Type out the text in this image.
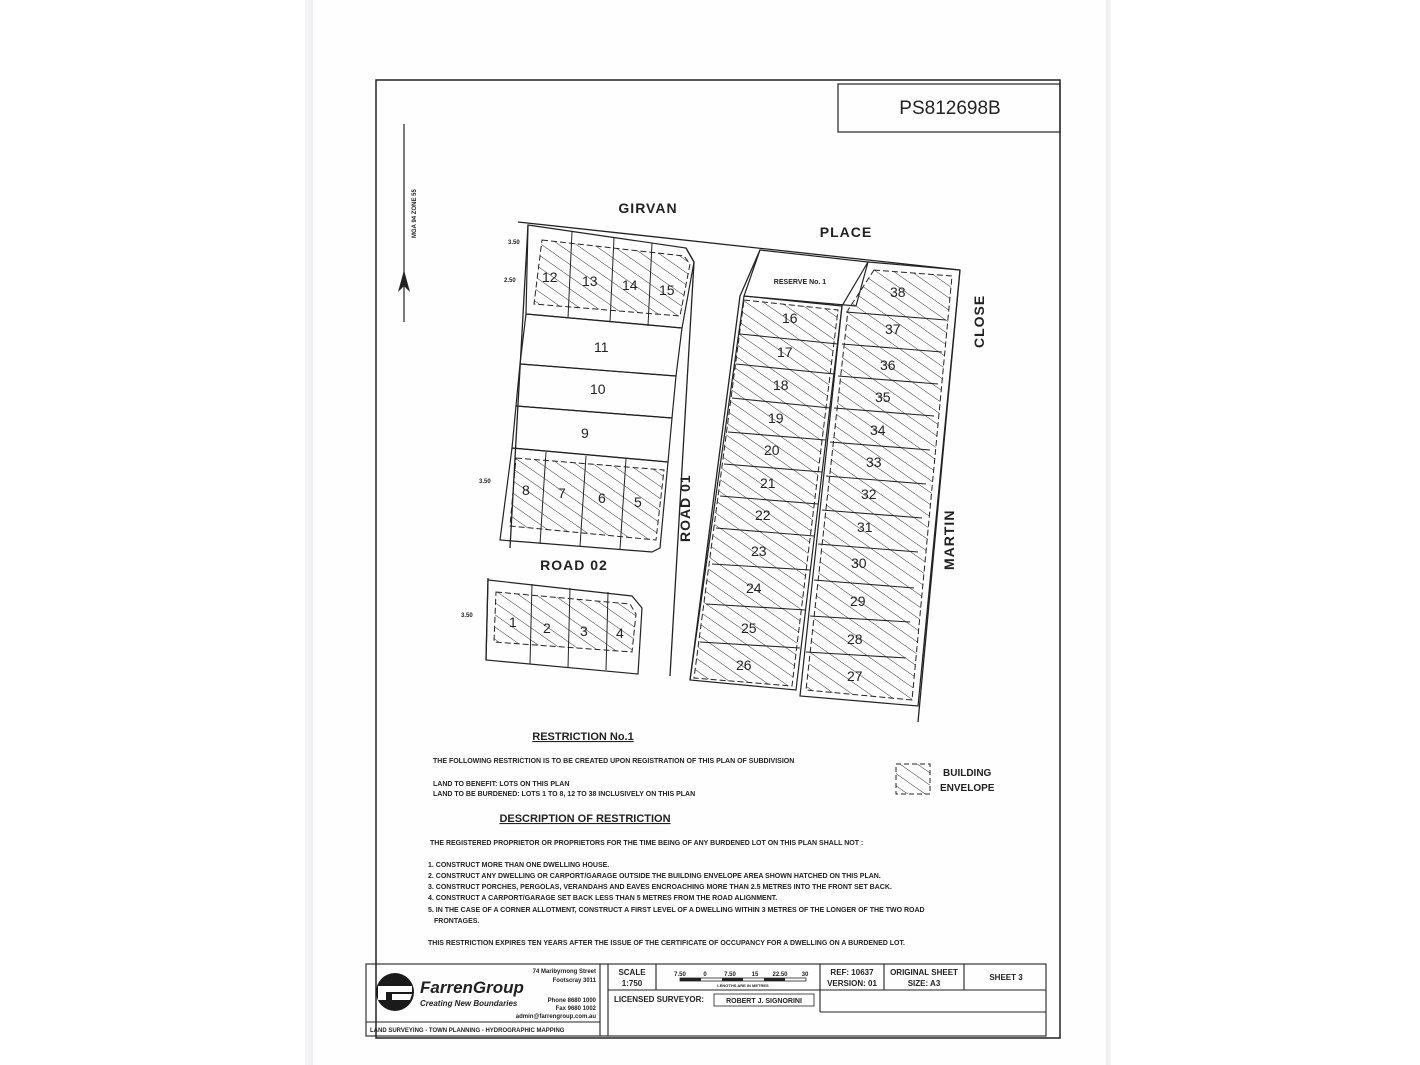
PS812698B
MGA 94 ZONE 55	GIRVAN
PLACE
CLOSE
MARTIN
ROAD 01
ROAD 02
RESERVE No. 1
3.50
2.50
3.50
3.50	1 2 3 4
5
6
7
8
9
10
11
12 13 14 15
16
17
18
19
20
21
22
23
24
25
26
27
28
29
30
31
32
33
34
35
36
37
38
RESTRICTION No.1
THE FOLLOWING RESTRICTION IS TO BE CREATED UPON REGISTRATION OF THIS PLAN OF SUBDIVISION
LAND TO BENEFIT: LOTS ON THIS PLAN
LAND TO BE BURDENED: LOTS 1 TO 8, 12 TO 38 INCLUSIVELY ON THIS PLAN
DESCRIPTION OF RESTRICTION
THE REGISTERED PROPRIETOR OR PROPRIETORS FOR THE TIME BEING OF ANY BURDENED LOT ON THIS PLAN SHALL NOT :
1. CONSTRUCT MORE THAN ONE DWELLING HOUSE.
2. CONSTRUCT ANY DWELLING OR CARPORT/GARAGE OUTSIDE THE BUILDING ENVELOPE AREA SHOWN HATCHED ON THIS PLAN.
3. CONSTRUCT PORCHES, PERGOLAS, VERANDAHS AND EAVES ENCROACHING MORE THAN 2.5 METRES INTO THE FRONT SET BACK.
4. CONSTRUCT A CARPORT/GARAGE SET BACK LESS THAN 5 METRES FROM THE ROAD ALIGNMENT.
5. IN THE CASE OF A CORNER ALLOTMENT, CONSTRUCT A FIRST LEVEL OF A DWELLING WITHIN 3 METRES OF THE LONGER OF THE TWO ROAD
FRONTAGES.
THIS RESTRICTION EXPIRES TEN YEARS AFTER THE ISSUE OF THE CERTIFICATE OF OCCUPANCY FOR A DWELLING ON A BURDENED LOT.
BUILDING
ENVELOPE
FarrenGroup
Creating New Boundaries
74 Maribyrnong Street
Footscray 3011
Phone 8680 1000
Fax 9680 1002
admin@farrengroup.com.au
LAND SURVEYING - TOWN PLANNING - HYDROGRAPHIC MAPPING
SCALE
1:750
7.50	0	7.50	15 22.50 30
LENGTHS ARE IN METRES
REF: 10637
VERSION: 01
ORIGINAL SHEET
SIZE: A3
SHEET 3
LICENSED SURVEYOR:	ROBERT J. SIGNORINI
